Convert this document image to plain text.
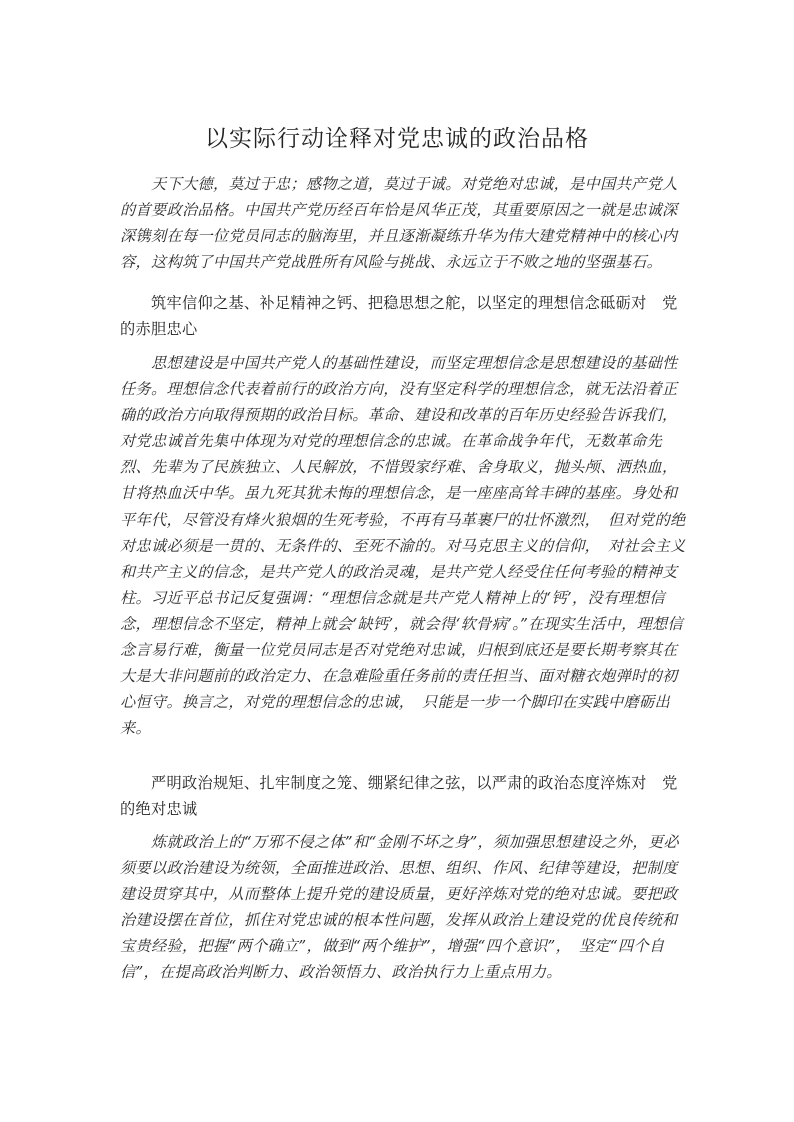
以实际行动诠释对党忠诚的政治品格

天下大德，莫过于忠；感物之道，莫过于诚。对党绝对忠诚，是中国共产党人的首要政治品格。中国共产党历经百年恰是风华正茂，其重要原因之一就是忠诚深深镌刻在每一位党员同志的脑海里，并且逐渐凝练升华为伟大建党精神中的核心内容，这构筑了中国共产党战胜所有风险与挑战、永远立于不败之地的坚强基石。

筑牢信仰之基、补足精神之钙、把稳思想之舵，以坚定的理想信念砥砺对　党的赤胆忠心

思想建设是中国共产党人的基础性建设，而坚定理想信念是思想建设的基础性任务。理想信念代表着前行的政治方向，没有坚定科学的理想信念，就无法沿着正确的政治方向取得预期的政治目标。革命、建设和改革的百年历史经验告诉我们，对党忠诚首先集中体现为对党的理想信念的忠诚。在革命战争年代，无数革命先烈、先辈为了民族独立、人民解放，不惜毁家纾难、舍身取义，抛头颅、洒热血，甘将热血沃中华。虽九死其犹未悔的理想信念，是一座座高耸丰碑的基座。身处和平年代，尽管没有烽火狼烟的生死考验，不再有马革裹尸的壮怀激烈，　但对党的绝对忠诚必须是一贯的、无条件的、至死不渝的。对马克思主义的信仰，　对社会主义和共产主义的信念，是共产党人的政治灵魂，是共产党人经受住任何考验的精神支柱。习近平总书记反复强调：“理想信念就是共产党人精神上的‘钙’，没有理想信念，理想信念不坚定，精神上就会‘缺钙’，就会得‘软骨病’。”在现实生活中，理想信念言易行难，衡量一位党员同志是否对党绝对忠诚，归根到底还是要长期考察其在大是大非问题前的政治定力、在急难险重任务前的责任担当、面对糖衣炮弹时的初心恒守。换言之，对党的理想信念的忠诚，　只能是一步一个脚印在实践中磨砺出来。

严明政治规矩、扎牢制度之笼、绷紧纪律之弦，以严肃的政治态度淬炼对　党的绝对忠诚

炼就政治上的“万邪不侵之体”和“金刚不坏之身”，须加强思想建设之外，更必须要以政治建设为统领，全面推进政治、思想、组织、作风、纪律等建设，把制度建设贯穿其中，从而整体上提升党的建设质量，更好淬炼对党的绝对忠诚。要把政治建设摆在首位，抓住对党忠诚的根本性问题，发挥从政治上建设党的优良传统和宝贵经验，把握“两个确立”，做到“两个维护”，增强“四个意识”，　坚定“四个自信”，在提高政治判断力、政治领悟力、政治执行力上重点用力。
